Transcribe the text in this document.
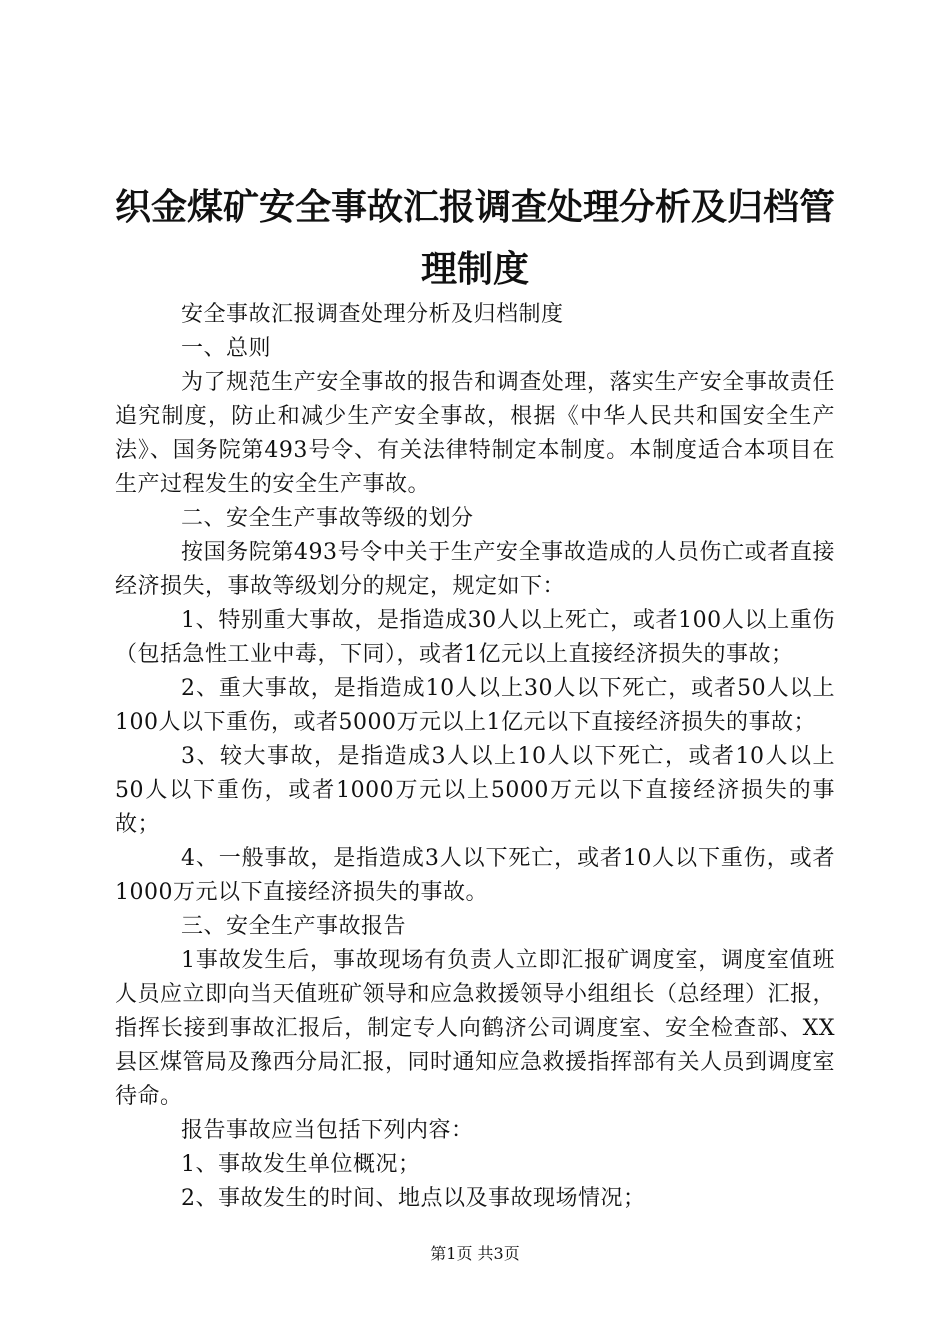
织金煤矿安全事故汇报调查处理分析及归档管
理制度

安全事故汇报调查处理分析及归档制度

一、总则

为了规范生产安全事故的报告和调查处理，落实生产安全事故责任追究制度，防止和减少生产安全事故，根据《中华人民共和国安全生产法》、国务院第493号令、有关法律特制定本制度。本制度适合本项目在生产过程发生的安全生产事故。

二、安全生产事故等级的划分

按国务院第493号令中关于生产安全事故造成的人员伤亡或者直接经济损失，事故等级划分的规定，规定如下：

1、特别重大事故，是指造成30人以上死亡，或者100人以上重伤（包括急性工业中毒，下同），或者1亿元以上直接经济损失的事故；

2、重大事故，是指造成10人以上30人以下死亡，或者50人以上100人以下重伤，或者5000万元以上1亿元以下直接经济损失的事故；

3、较大事故，是指造成3人以上10人以下死亡，或者10人以上50人以下重伤，或者1000万元以上5000万元以下直接经济损失的事故；

4、一般事故，是指造成3人以下死亡，或者10人以下重伤，或者1000万元以下直接经济损失的事故。

三、安全生产事故报告

1事故发生后，事故现场有负责人立即汇报矿调度室，调度室值班人员应立即向当天值班矿领导和应急救援领导小组组长（总经理）汇报，指挥长接到事故汇报后，制定专人向鹤济公司调度室、安全检查部、XX县区煤管局及豫西分局汇报，同时通知应急救援指挥部有关人员到调度室待命。

报告事故应当包括下列内容：

1、事故发生单位概况；

2、事故发生的时间、地点以及事故现场情况；

第1页 共3页
